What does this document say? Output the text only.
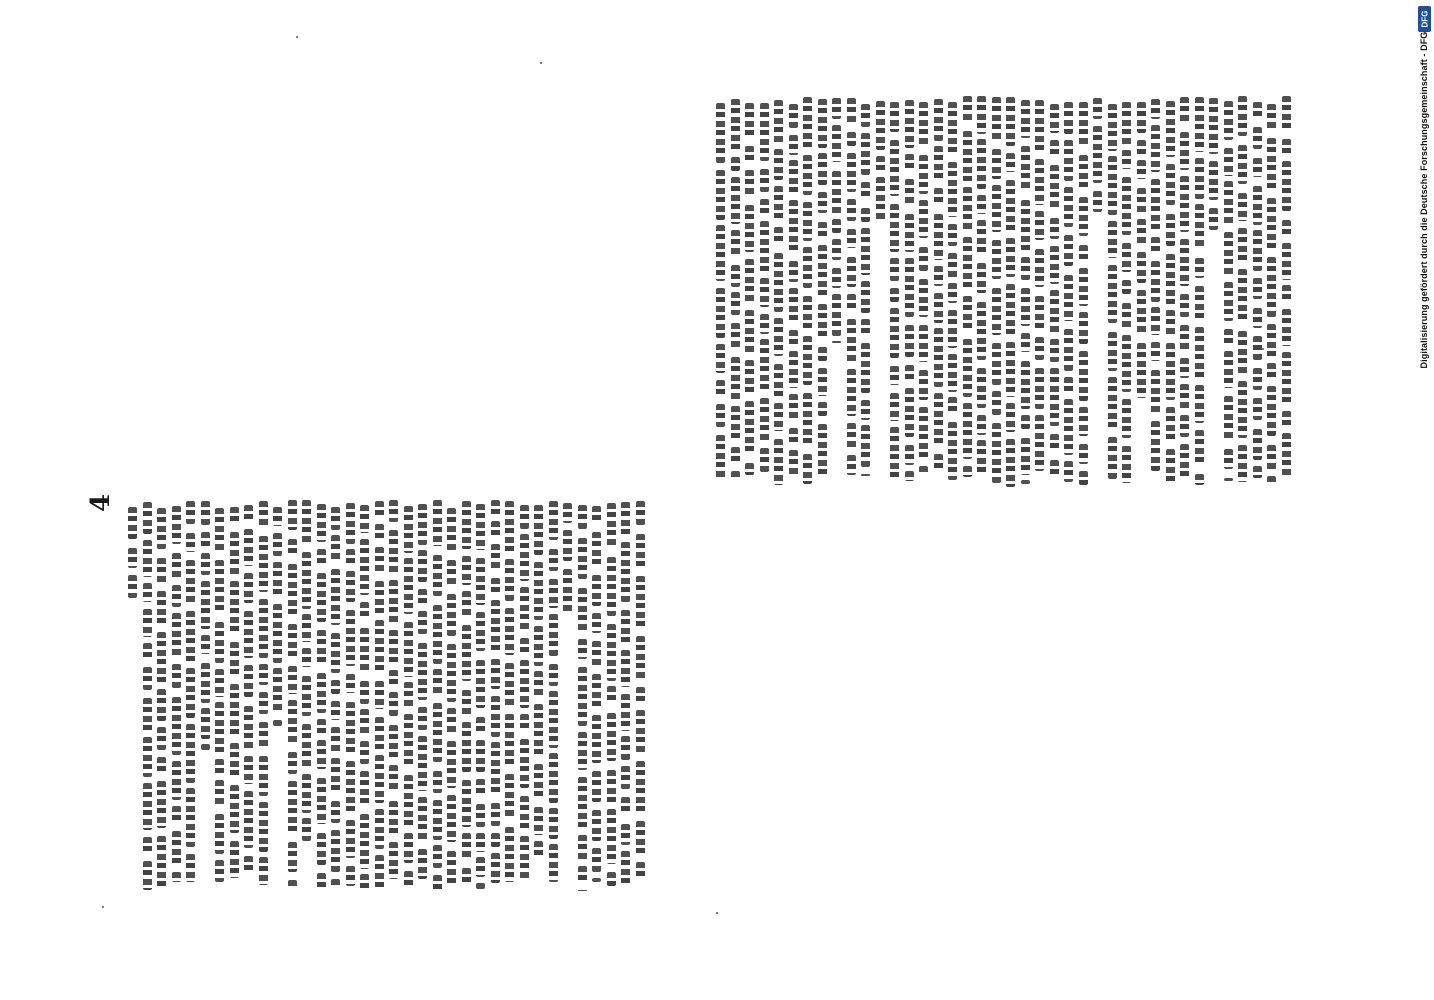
4
Digitalisierung gefördert durch die Deutsche Forschungsgemeinschaft - DFG
DFG
